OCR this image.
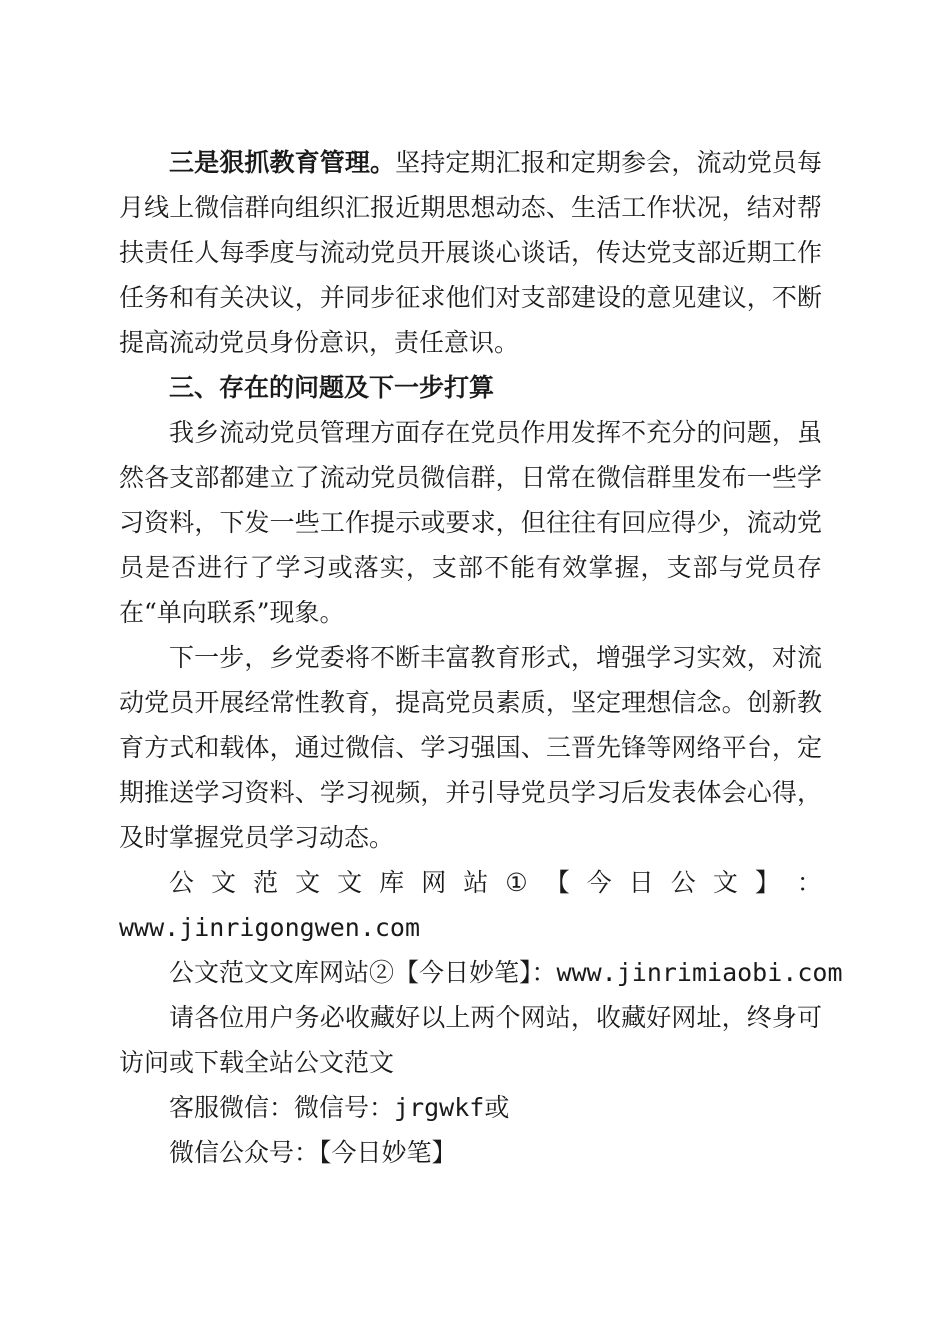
三是狠抓教育管理。坚持定期汇报和定期参会，流动党员每月线上微信群向组织汇报近期思想动态、生活工作状况，结对帮扶责任人每季度与流动党员开展谈心谈话，传达党支部近期工作任务和有关决议，并同步征求他们对支部建设的意见建议，不断提高流动党员身份意识，责任意识。

三、存在的问题及下一步打算

我乡流动党员管理方面存在党员作用发挥不充分的问题，虽然各支部都建立了流动党员微信群，日常在微信群里发布一些学习资料，下发一些工作提示或要求，但往往有回应得少，流动党员是否进行了学习或落实，支部不能有效掌握，支部与党员存在“单向联系”现象。

下一步，乡党委将不断丰富教育形式，增强学习实效，对流动党员开展经常性教育，提高党员素质，坚定理想信念。创新教育方式和载体，通过微信、学习强国、三晋先锋等网络平台，定期推送学习资料、学习视频，并引导党员学习后发表体会心得，及时掌握党员学习动态。

公 文 范 文 文 库 网 站 ① 【 今 日 公 文 】 ：

www.jinrigongwen.com

公文范文文库网站②【今日妙笔】：www.jinrimiaobi.com

请各位用户务必收藏好以上两个网站，收藏好网址，终身可访问或下载全站公文范文

客服微信：微信号：jrgwkf或

微信公众号：【今日妙笔】
